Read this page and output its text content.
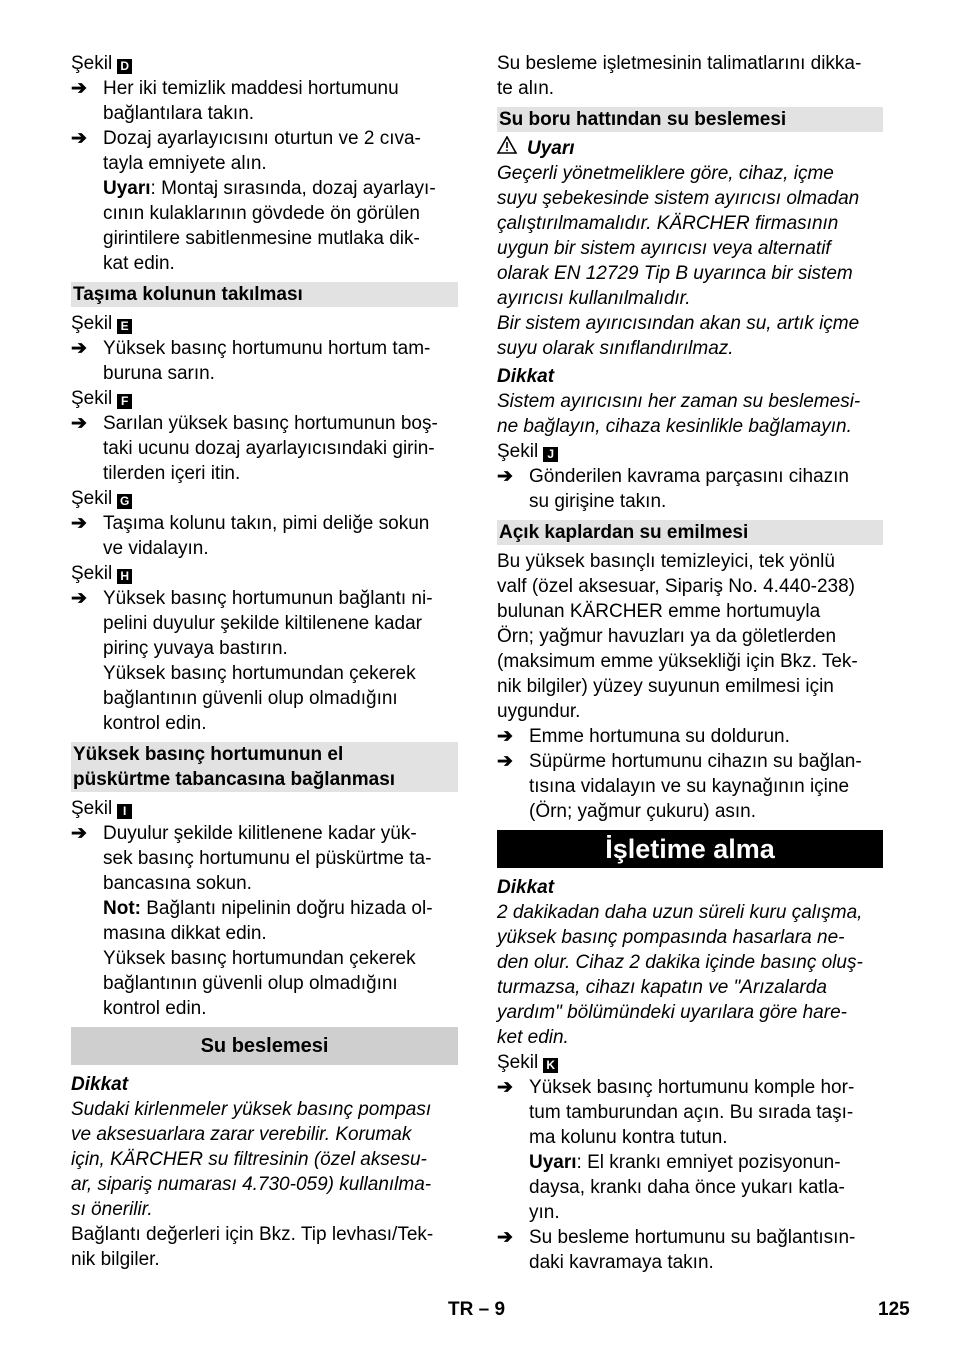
Şekil D
➔ Her iki temizlik maddesi hortumunu
bağlantılara takın.
➔ Dozaj ayarlayıcısını oturtun ve 2 cıva-
tayla emniyete alın.
Uyarı: Montaj sırasında, dozaj ayarlayı-
cının kulaklarının gövdede ön görülen
girintilere sabitlenmesine mutlaka dik-
kat edin.
Taşıma kolunun takılması
Şekil E
➔ Yüksek basınç hortumunu hortum tam-
buruna sarın.
Şekil F
➔ Sarılan yüksek basınç hortumunun boş-
taki ucunu dozaj ayarlayıcısındaki girin-
tilerden içeri itin.
Şekil G
➔ Taşıma kolunu takın, pimi deliğe sokun
ve vidalayın.
Şekil H
➔ Yüksek basınç hortumunun bağlantı ni-
pelini duyulur şekilde kiltilenene kadar
pirinç yuvaya bastırın.
Yüksek basınç hortumundan çekerek
bağlantının güvenli olup olmadığını
kontrol edin.
Yüksek basınç hortumunun el
püskürtme tabancasına bağlanması
Şekil I
➔ Duyulur şekilde kilitlenene kadar yük-
sek basınç hortumunu el püskürtme ta-
bancasına sokun.
Not: Bağlantı nipelinin doğru hizada ol-
masına dikkat edin.
Yüksek basınç hortumundan çekerek
bağlantının güvenli olup olmadığını
kontrol edin.
Su beslemesi
Dikkat
Sudaki kirlenmeler yüksek basınç pompası
ve aksesuarlara zarar verebilir. Korumak
için, KÄRCHER su filtresinin (özel aksesu-
ar, sipariş numarası 4.730-059) kullanılma-
sı önerilir.
Bağlantı değerleri için Bkz. Tip levhası/Tek-
nik bilgiler.
Su besleme işletmesinin talimatlarını dikka-
te alın.
Su boru hattından su beslemesi
Uyarı
Geçerli yönetmeliklere göre, cihaz, içme
suyu şebekesinde sistem ayırıcısı olmadan
çalıştırılmamalıdır. KÄRCHER firmasının
uygun bir sistem ayırıcısı veya alternatif
olarak EN 12729 Tip B uyarınca bir sistem
ayırıcısı kullanılmalıdır.
Bir sistem ayırıcısından akan su, artık içme
suyu olarak sınıflandırılmaz.
Dikkat
Sistem ayırıcısını her zaman su beslemesi-
ne bağlayın, cihaza kesinlikle bağlamayın.
Şekil J
➔ Gönderilen kavrama parçasını cihazın
su girişine takın.
Açık kaplardan su emilmesi
Bu yüksek basınçlı temizleyici, tek yönlü
valf (özel aksesuar, Sipariş No. 4.440-238)
bulunan KÄRCHER emme hortumuyla
Örn; yağmur havuzları ya da göletlerden
(maksimum emme yüksekliği için Bkz. Tek-
nik bilgiler) yüzey suyunun emilmesi için
uygundur.
➔ Emme hortumuna su doldurun.
➔ Süpürme hortumunu cihazın su bağlan-
tısına vidalayın ve su kaynağının içine
(Örn; yağmur çukuru) asın.
İşletime alma
Dikkat
2 dakikadan daha uzun süreli kuru çalışma,
yüksek basınç pompasında hasarlara ne-
den olur. Cihaz 2 dakika içinde basınç oluş-
turmazsa, cihazı kapatın ve "Arızalarda
yardım" bölümündeki uyarılara göre hare-
ket edin.
Şekil K
➔ Yüksek basınç hortumunu komple hor-
tum tamburundan açın. Bu sırada taşı-
ma kolunu kontra tutun.
Uyarı: El krankı emniyet pozisyonun-
daysa, krankı daha önce yukarı katla-
yın.
➔ Su besleme hortumunu su bağlantısın-
daki kavramaya takın.
TR – 9	125
